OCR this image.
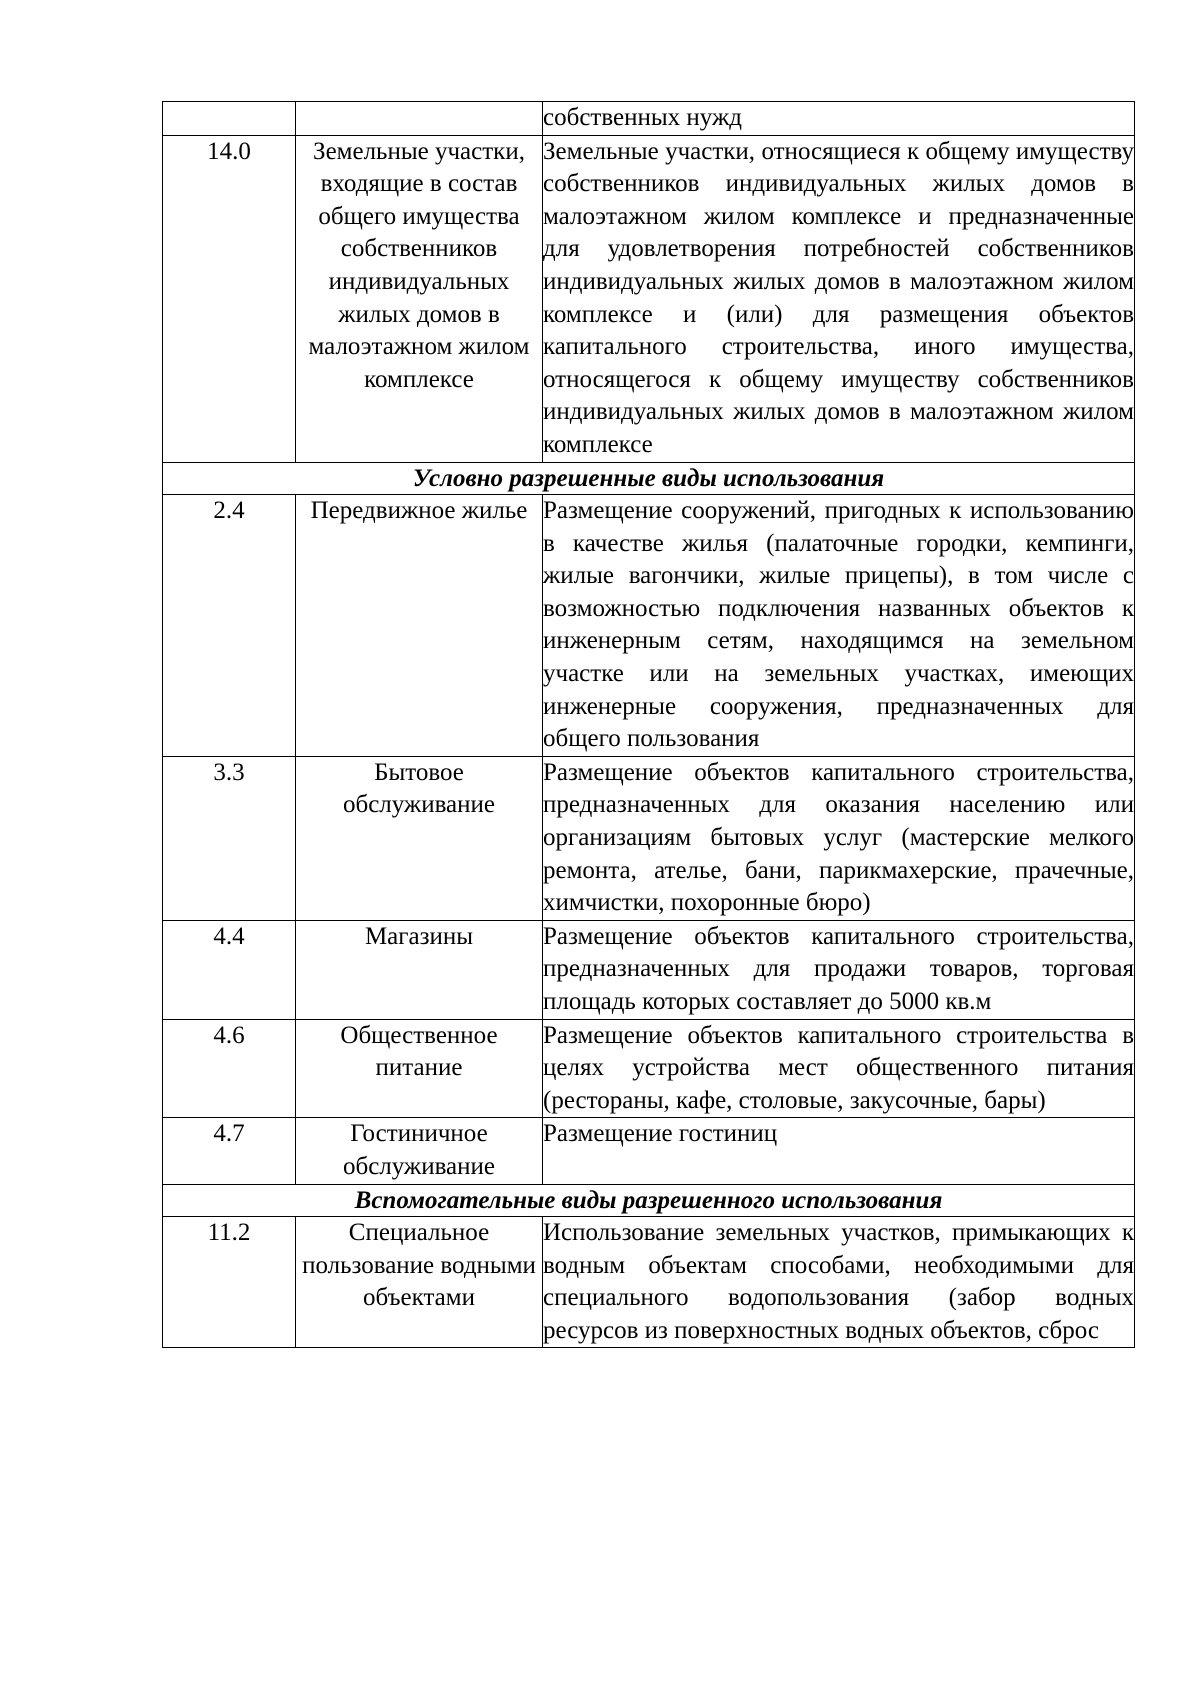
		собственных нужд
14.0	Земельные участки, входящие в состав общего имущества собственников индивидуальных жилых домов в малоэтажном жилом комплексе	Земельные участки, относящиеся к общему имуществу собственников индивидуальных жилых домов в малоэтажном жилом комплексе и предназначенные для удовлетворения потребностей собственников индивидуальных жилых домов в малоэтажном жилом комплексе и (или) для размещения объектов капитального строительства, иного имущества, относящегося к общему имуществу собственников индивидуальных жилых домов в малоэтажном жилом комплексе
Условно разрешенные виды использования		
2.4	Передвижное жилье	Размещение сооружений, пригодных к использованию в качестве жилья (палаточные городки, кемпинги, жилые вагончики, жилые прицепы), в том числе с возможностью подключения названных объектов к инженерным сетям, находящимся на земельном участке или на земельных участках, имеющих инженерные сооружения, предназначенных для общего пользования
3.3	Бытовое обслуживание	Размещение объектов капитального строительства, предназначенных для оказания населению или организациям бытовых услуг (мастерские мелкого ремонта, ателье, бани, парикмахерские, прачечные, химчистки, похоронные бюро)
4.4	Магазины	Размещение объектов капитального строительства, предназначенных для продажи товаров, торговая площадь которых составляет до 5000 кв.м
4.6	Общественное питание	Размещение объектов капитального строительства в целях устройства мест общественного питания (рестораны, кафе, столовые, закусочные, бары)
4.7	Гостиничное обслуживание	Размещение гостиниц
Вспомогательные виды разрешенного использования		
11.2	Специальное пользование водными объектами	Использование земельных участков, примыкающих к водным объектам способами, необходимыми для специального водопользования (забор водных ресурсов из поверхностных водных объектов, сброс
